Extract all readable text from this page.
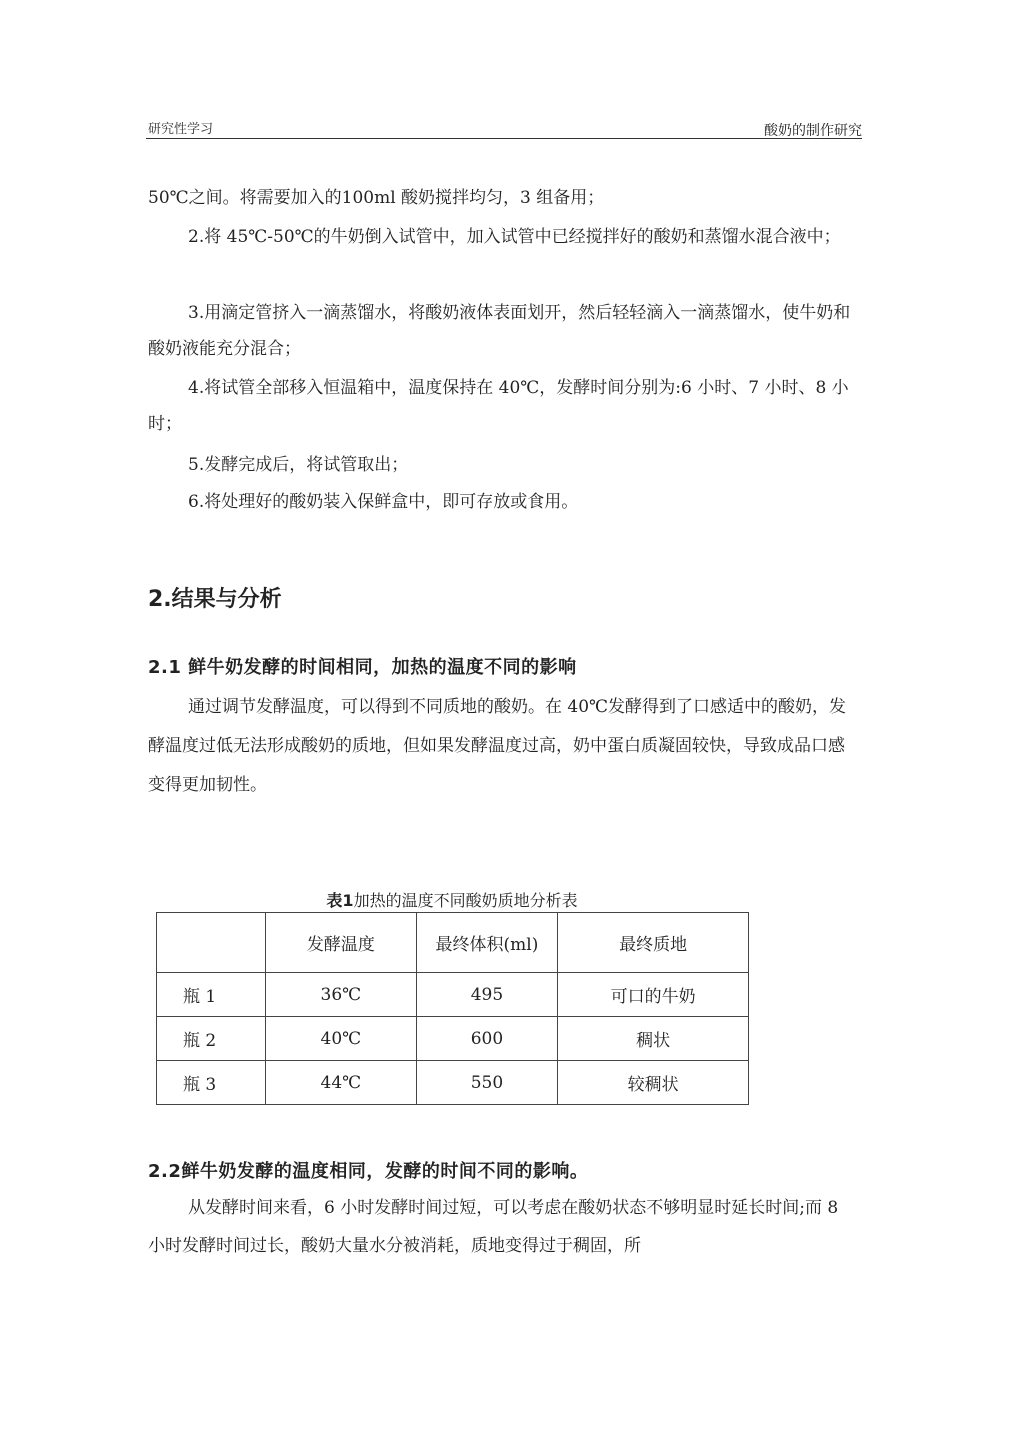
研究性学习	酸奶的制作研究

50℃之间。将需要加入的100ml 酸奶搅拌均匀，3 组备用；

2.将 45℃-50℃的牛奶倒入试管中，加入试管中已经搅拌好的酸奶和蒸馏水混合液中；

3.用滴定管挤入一滴蒸馏水，将酸奶液体表面划开，然后轻轻滴入一滴蒸馏水，使牛奶和酸奶液能充分混合；

4.将试管全部移入恒温箱中，温度保持在 40℃，发酵时间分别为:6 小时、7 小时、8 小时；

5.发酵完成后，将试管取出；

6.将处理好的酸奶装入保鲜盒中，即可存放或食用。

2.结果与分析
2.1 鲜牛奶发酵的时间相同，加热的温度不同的影响

通过调节发酵温度，可以得到不同质地的酸奶。在 40℃发酵得到了口感适中的酸奶，发酵温度过低无法形成酸奶的质地，但如果发酵温度过高，奶中蛋白质凝固较快，导致成品口感变得更加韧性。

表1加热的温度不同酸奶质地分析表
	发酵温度	最终体积(ml)	最终质地
瓶 1	36℃	495	可口的牛奶
瓶 2	40℃	600	稠状
瓶 3	44℃	550	较稠状
2.2鲜牛奶发酵的温度相同，发酵的时间不同的影响。

从发酵时间来看，6 小时发酵时间过短，可以考虑在酸奶状态不够明显时延长时间;而 8 小时发酵时间过长，酸奶大量水分被消耗，质地变得过于稠固，所
